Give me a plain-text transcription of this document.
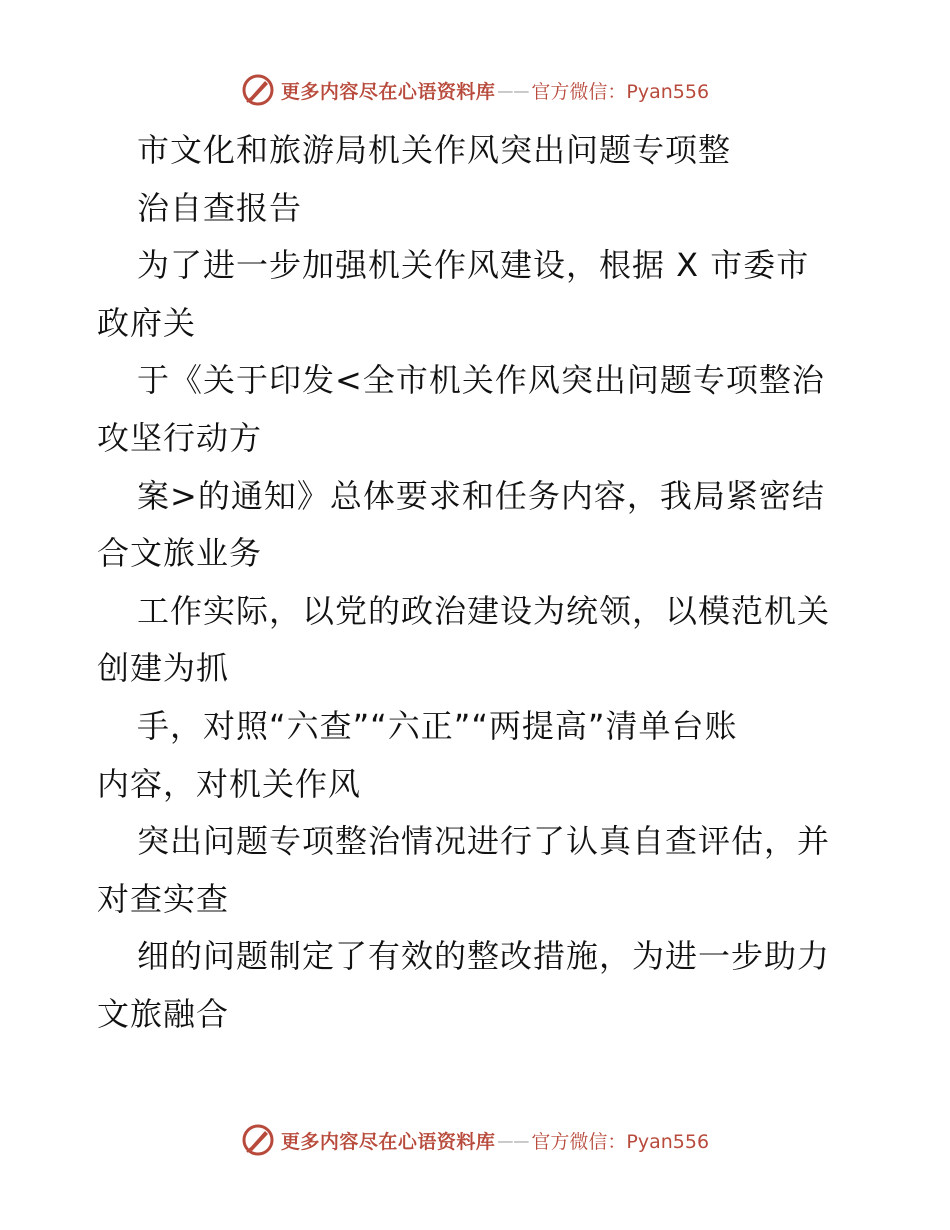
更多内容尽在心语资料库 —— 官方微信：Pyan556
市文化和旅游局机关作风突出问题专项整
治自查报告
为了进一步加强机关作风建设，根据 X 市委市
政府关
于《关于印发<全市机关作风突出问题专项整治
攻坚行动方
案>的通知》总体要求和任务内容，我局紧密结
合文旅业务
工作实际，以党的政治建设为统领，以模范机关
创建为抓
手，对照“六查”“六正”“两提高”清单台账
内容，对机关作风
突出问题专项整治情况进行了认真自查评估，并
对查实查
细的问题制定了有效的整改措施，为进一步助力
文旅融合
更多内容尽在心语资料库 —— 官方微信：Pyan556
